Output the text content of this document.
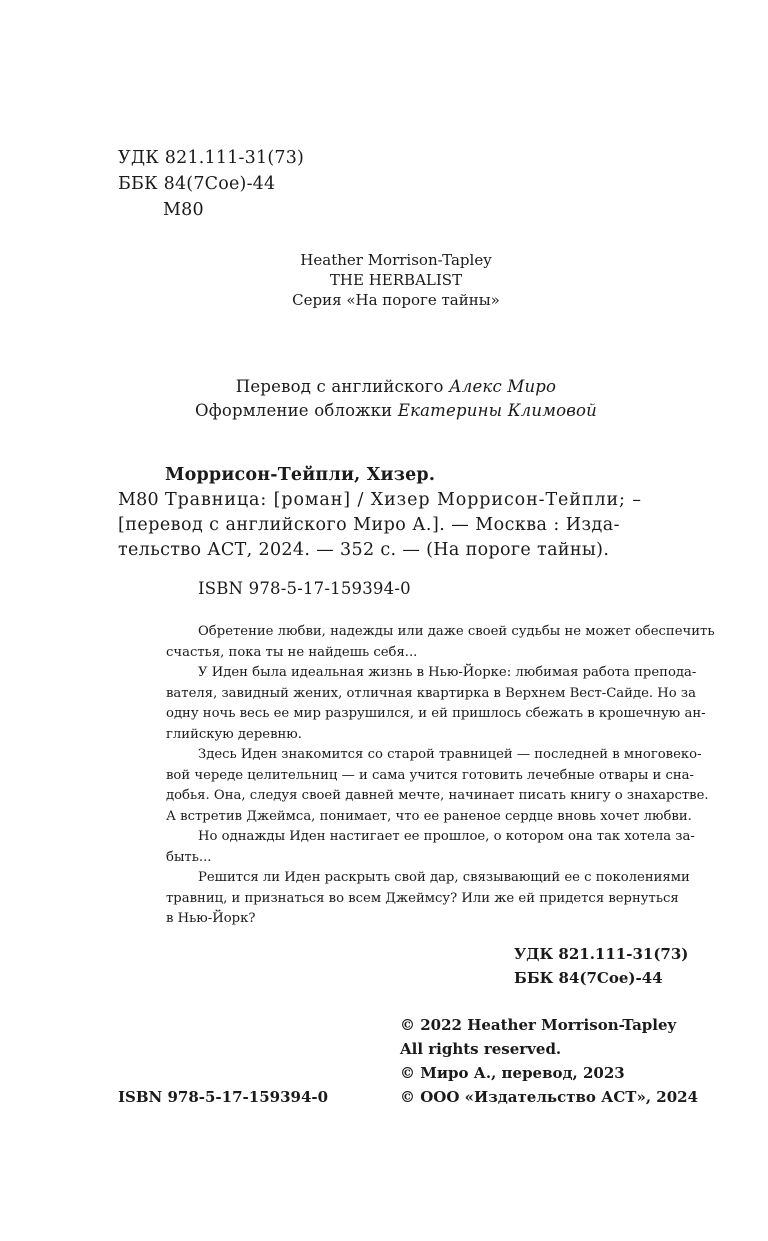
УДК 821.111-31(73)
ББК 84(7Сое)-44
М80
Heather Morrison-Tapley
THE HERBALIST
Серия «На пороге тайны»
Перевод с английского Алекс Миро
Оформление обложки Екатерины Климовой
Моррисон-Тейпли, Хизер.
М80 Травница: [роман] / Хизер Моррисон-Тейпли; –
[перевод с английского Миро А.]. — Москва : Изда-
тельство АСТ, 2024. — 352 с. — (На пороге тайны).
ISBN 978-5-17-159394-0
Обретение любви, надежды или даже своей судьбы не может обеспечить
счастья, пока ты не найдешь себя...
У Иден была идеальная жизнь в Нью-Йорке: любимая работа препода-
вателя, завидный жених, отличная квартирка в Верхнем Вест-Сайде. Но за
одну ночь весь ее мир разрушился, и ей пришлось сбежать в крошечную ан-
глийскую деревню.
Здесь Иден знакомится со старой травницей — последней в многовеко-
вой череде целительниц — и сама учится готовить лечебные отвары и сна-
добья. Она, следуя своей давней мечте, начинает писать книгу о знахарстве.
А встретив Джеймса, понимает, что ее раненое сердце вновь хочет любви.
Но однажды Иден настигает ее прошлое, о котором она так хотела за-
быть...
Решится ли Иден раскрыть свой дар, связывающий ее с поколениями
травниц, и признаться во всем Джеймсу? Или же ей придется вернуться
в Нью-Йорк?
УДК 821.111-31(73)
ББК 84(7Сое)-44
© 2022 Heather Morrison-Tapley
All rights reserved.
© Миро А., перевод, 2023
© ООО «Издательство АСТ», 2024
ISBN 978-5-17-159394-0
